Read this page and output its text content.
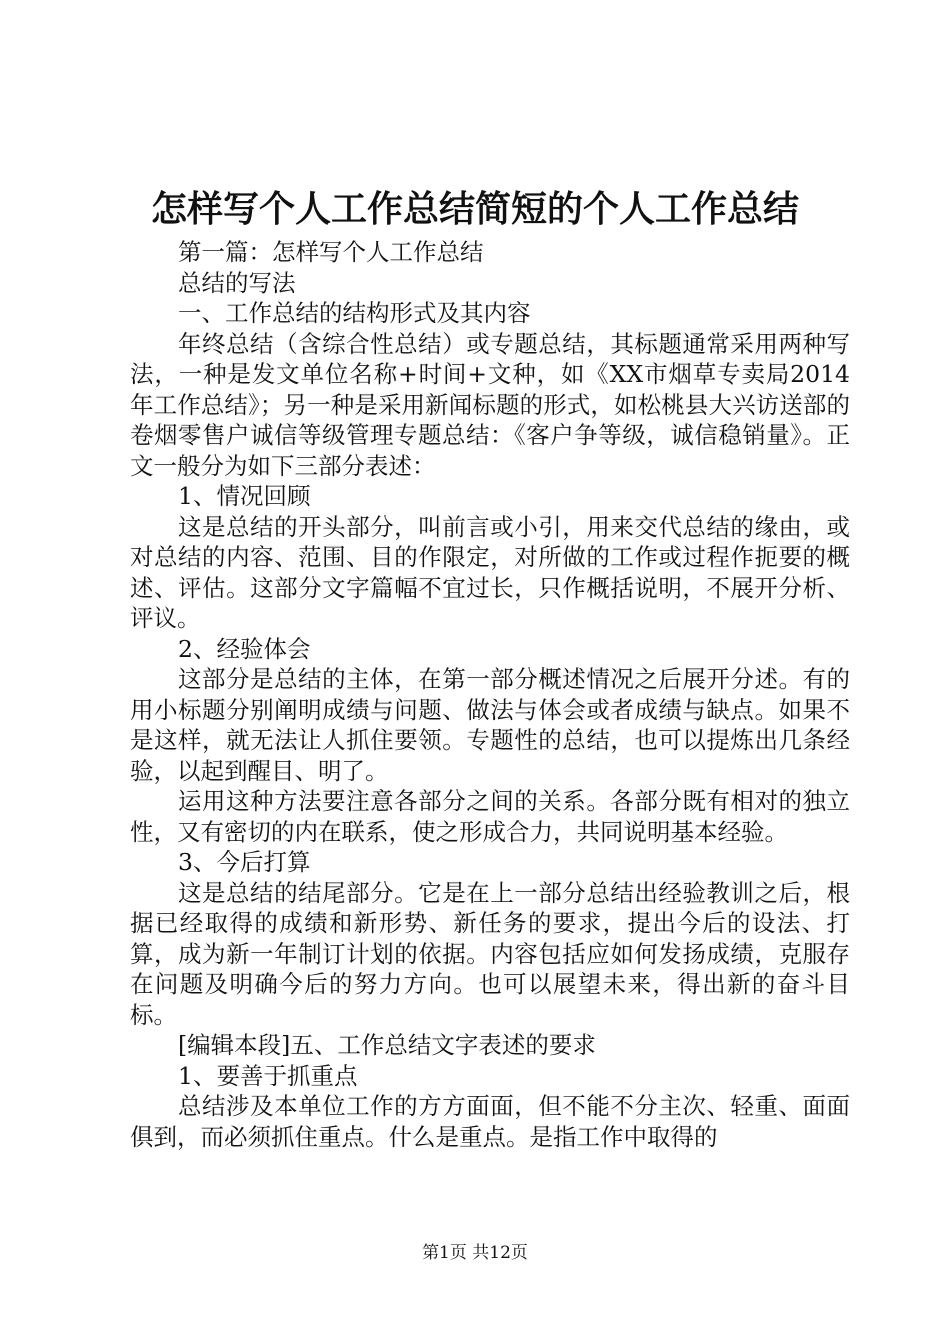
怎样写个人工作总结简短的个人工作总结

第一篇：怎样写个人工作总结

总结的写法

一、工作总结的结构形式及其内容

年终总结（含综合性总结）或专题总结，其标题通常采用两种写法，一种是发文单位名称+时间+文种，如《XX市烟草专卖局2014年工作总结》；另一种是采用新闻标题的形式，如松桃县大兴访送部的卷烟零售户诚信等级管理专题总结：《客户争等级，诚信稳销量》。正文一般分为如下三部分表述：

1、情况回顾

这是总结的开头部分，叫前言或小引，用来交代总结的缘由，或对总结的内容、范围、目的作限定，对所做的工作或过程作扼要的概述、评估。这部分文字篇幅不宜过长，只作概括说明，不展开分析、评议。

2、经验体会

这部分是总结的主体，在第一部分概述情况之后展开分述。有的用小标题分别阐明成绩与问题、做法与体会或者成绩与缺点。如果不是这样，就无法让人抓住要领。专题性的总结，也可以提炼出几条经验，以起到醒目、明了。

运用这种方法要注意各部分之间的关系。各部分既有相对的独立性，又有密切的内在联系，使之形成合力，共同说明基本经验。

3、今后打算

这是总结的结尾部分。它是在上一部分总结出经验教训之后，根据已经取得的成绩和新形势、新任务的要求，提出今后的设法、打算，成为新一年制订计划的依据。内容包括应如何发扬成绩，克服存在问题及明确今后的努力方向。也可以展望未来，得出新的奋斗目标。

[编辑本段]五、工作总结文字表述的要求

1、要善于抓重点

总结涉及本单位工作的方方面面，但不能不分主次、轻重、面面俱到，而必须抓住重点。什么是重点。是指工作中取得的

第1页 共12页
